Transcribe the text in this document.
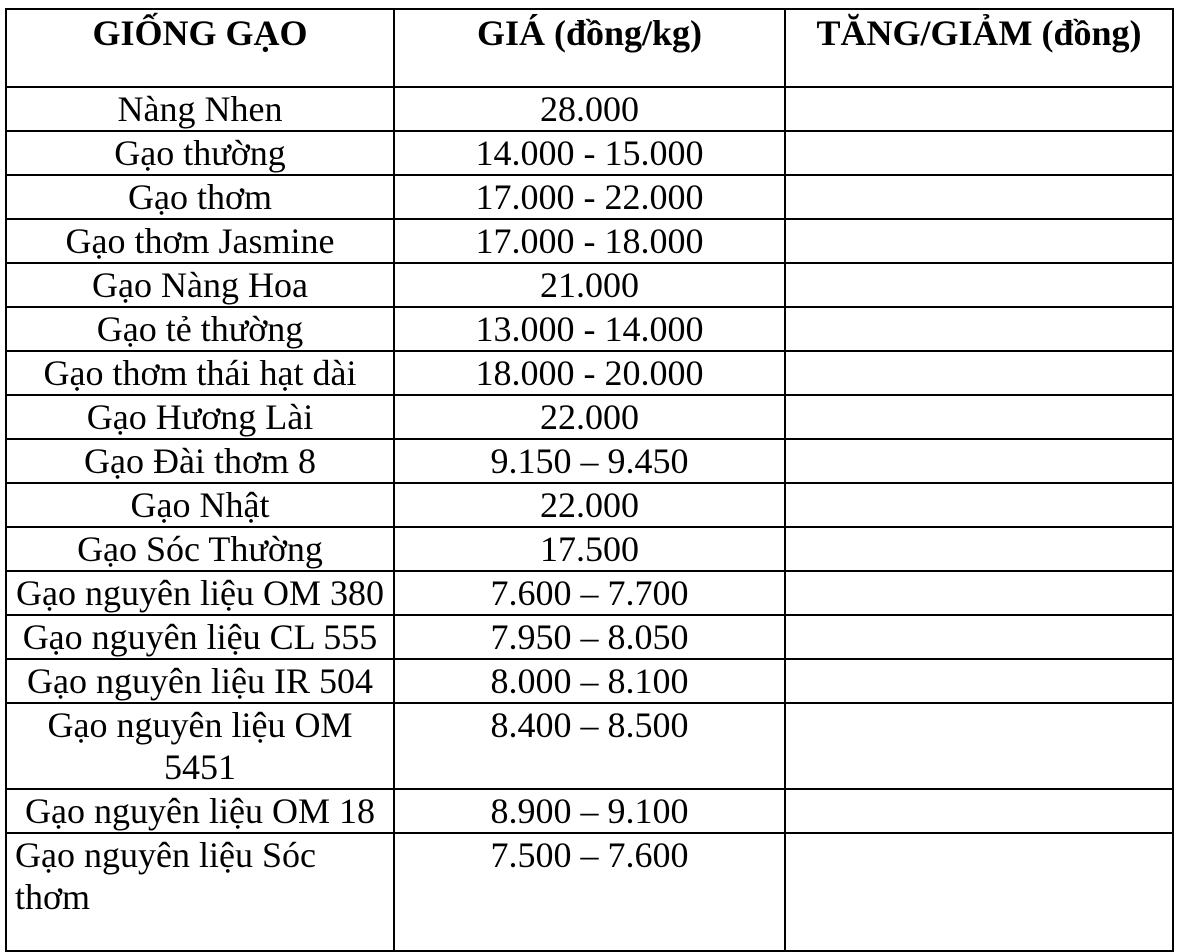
GIỐNG GẠO	GIÁ (đồng/kg)	TĂNG/GIẢM (đồng)
Nàng Nhen	28.000	
Gạo thường	14.000 - 15.000	
Gạo thơm	17.000 - 22.000	
Gạo thơm Jasmine	17.000 - 18.000	
Gạo Nàng Hoa	21.000	
Gạo tẻ thường	13.000 - 14.000	
Gạo thơm thái hạt dài	18.000 - 20.000	
Gạo Hương Lài	22.000	
Gạo Đài thơm 8	9.150 – 9.450	
Gạo Nhật	22.000	
Gạo Sóc Thường	17.500	
Gạo nguyên liệu OM 380	7.600 – 7.700	
Gạo nguyên liệu CL 555	7.950 – 8.050	
Gạo nguyên liệu IR 504	8.000 – 8.100	

Gạo nguyên liệu OM 5451	8.400 – 8.500	
Gạo nguyên liệu OM 18	8.900 – 9.100	

Gạo nguyên liệu Sóc thơm	7.500 – 7.600	
